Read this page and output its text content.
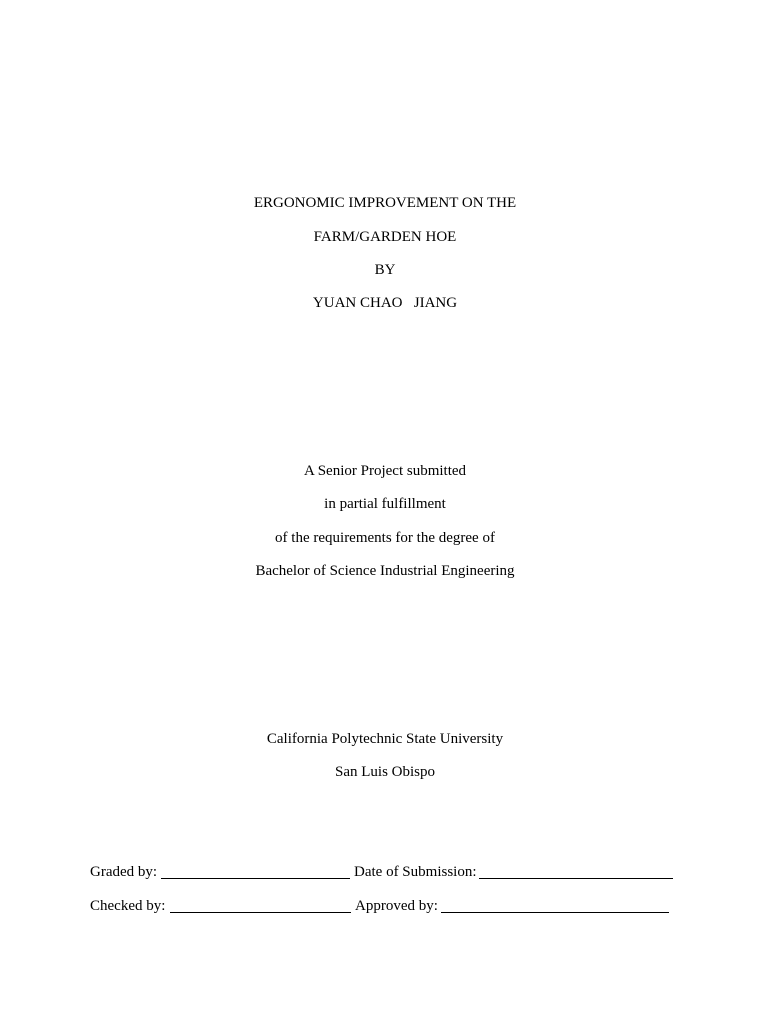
ERGONOMIC IMPROVEMENT ON THE
FARM/GARDEN HOE
BY
YUAN CHAO   JIANG
A Senior Project submitted
in partial fulfillment
of the requirements for the degree of
Bachelor of Science Industrial Engineering
California Polytechnic State University
San Luis Obispo

Graded by:

	Date of Submission:

Checked by:

	Approved by:
